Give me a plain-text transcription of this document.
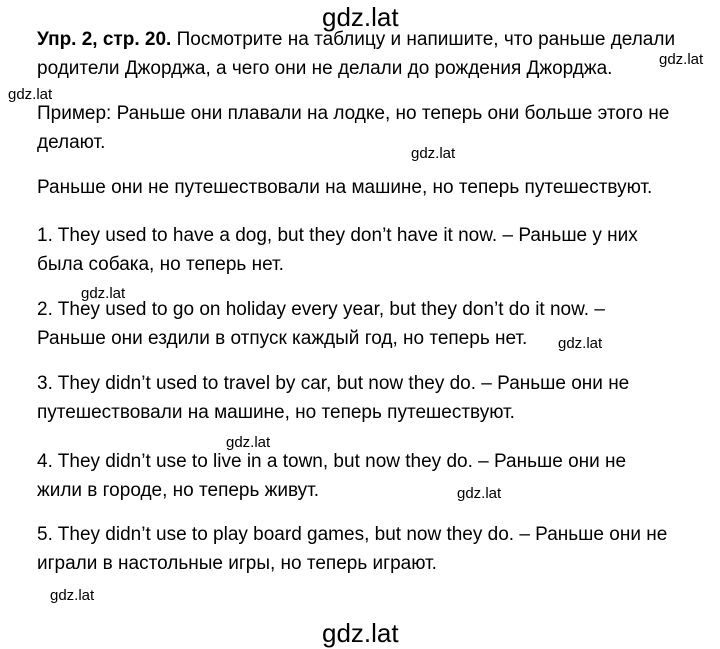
gdz.lat
gdz.lat
gdz.lat
gdz.lat
gdz.lat
gdz.lat
gdz.lat
gdz.lat
gdz.lat
gdz.lat
Упр. 2, стр. 20. Посмотрите на таблицу и напишите, что раньше делали
родители Джорджа, а чего они не делали до рождения Джорджа.
Пример: Раньше они плавали на лодке, но теперь они больше этого не
делают.
Раньше они не путешествовали на машине, но теперь путешествуют.
1. They used to have a dog, but they don’t have it now. – Раньше у них
была собака, но теперь нет.
2. They used to go on holiday every year, but they don’t do it now. –
Раньше они ездили в отпуск каждый год, но теперь нет.
3. They didn’t used to travel by car, but now they do. – Раньше они не
путешествовали на машине, но теперь путешествуют.
4. They didn’t use to live in a town, but now they do. – Раньше они не
жили в городе, но теперь живут.
5. They didn’t use to play board games, but now they do. – Раньше они не
играли в настольные игры, но теперь играют.
